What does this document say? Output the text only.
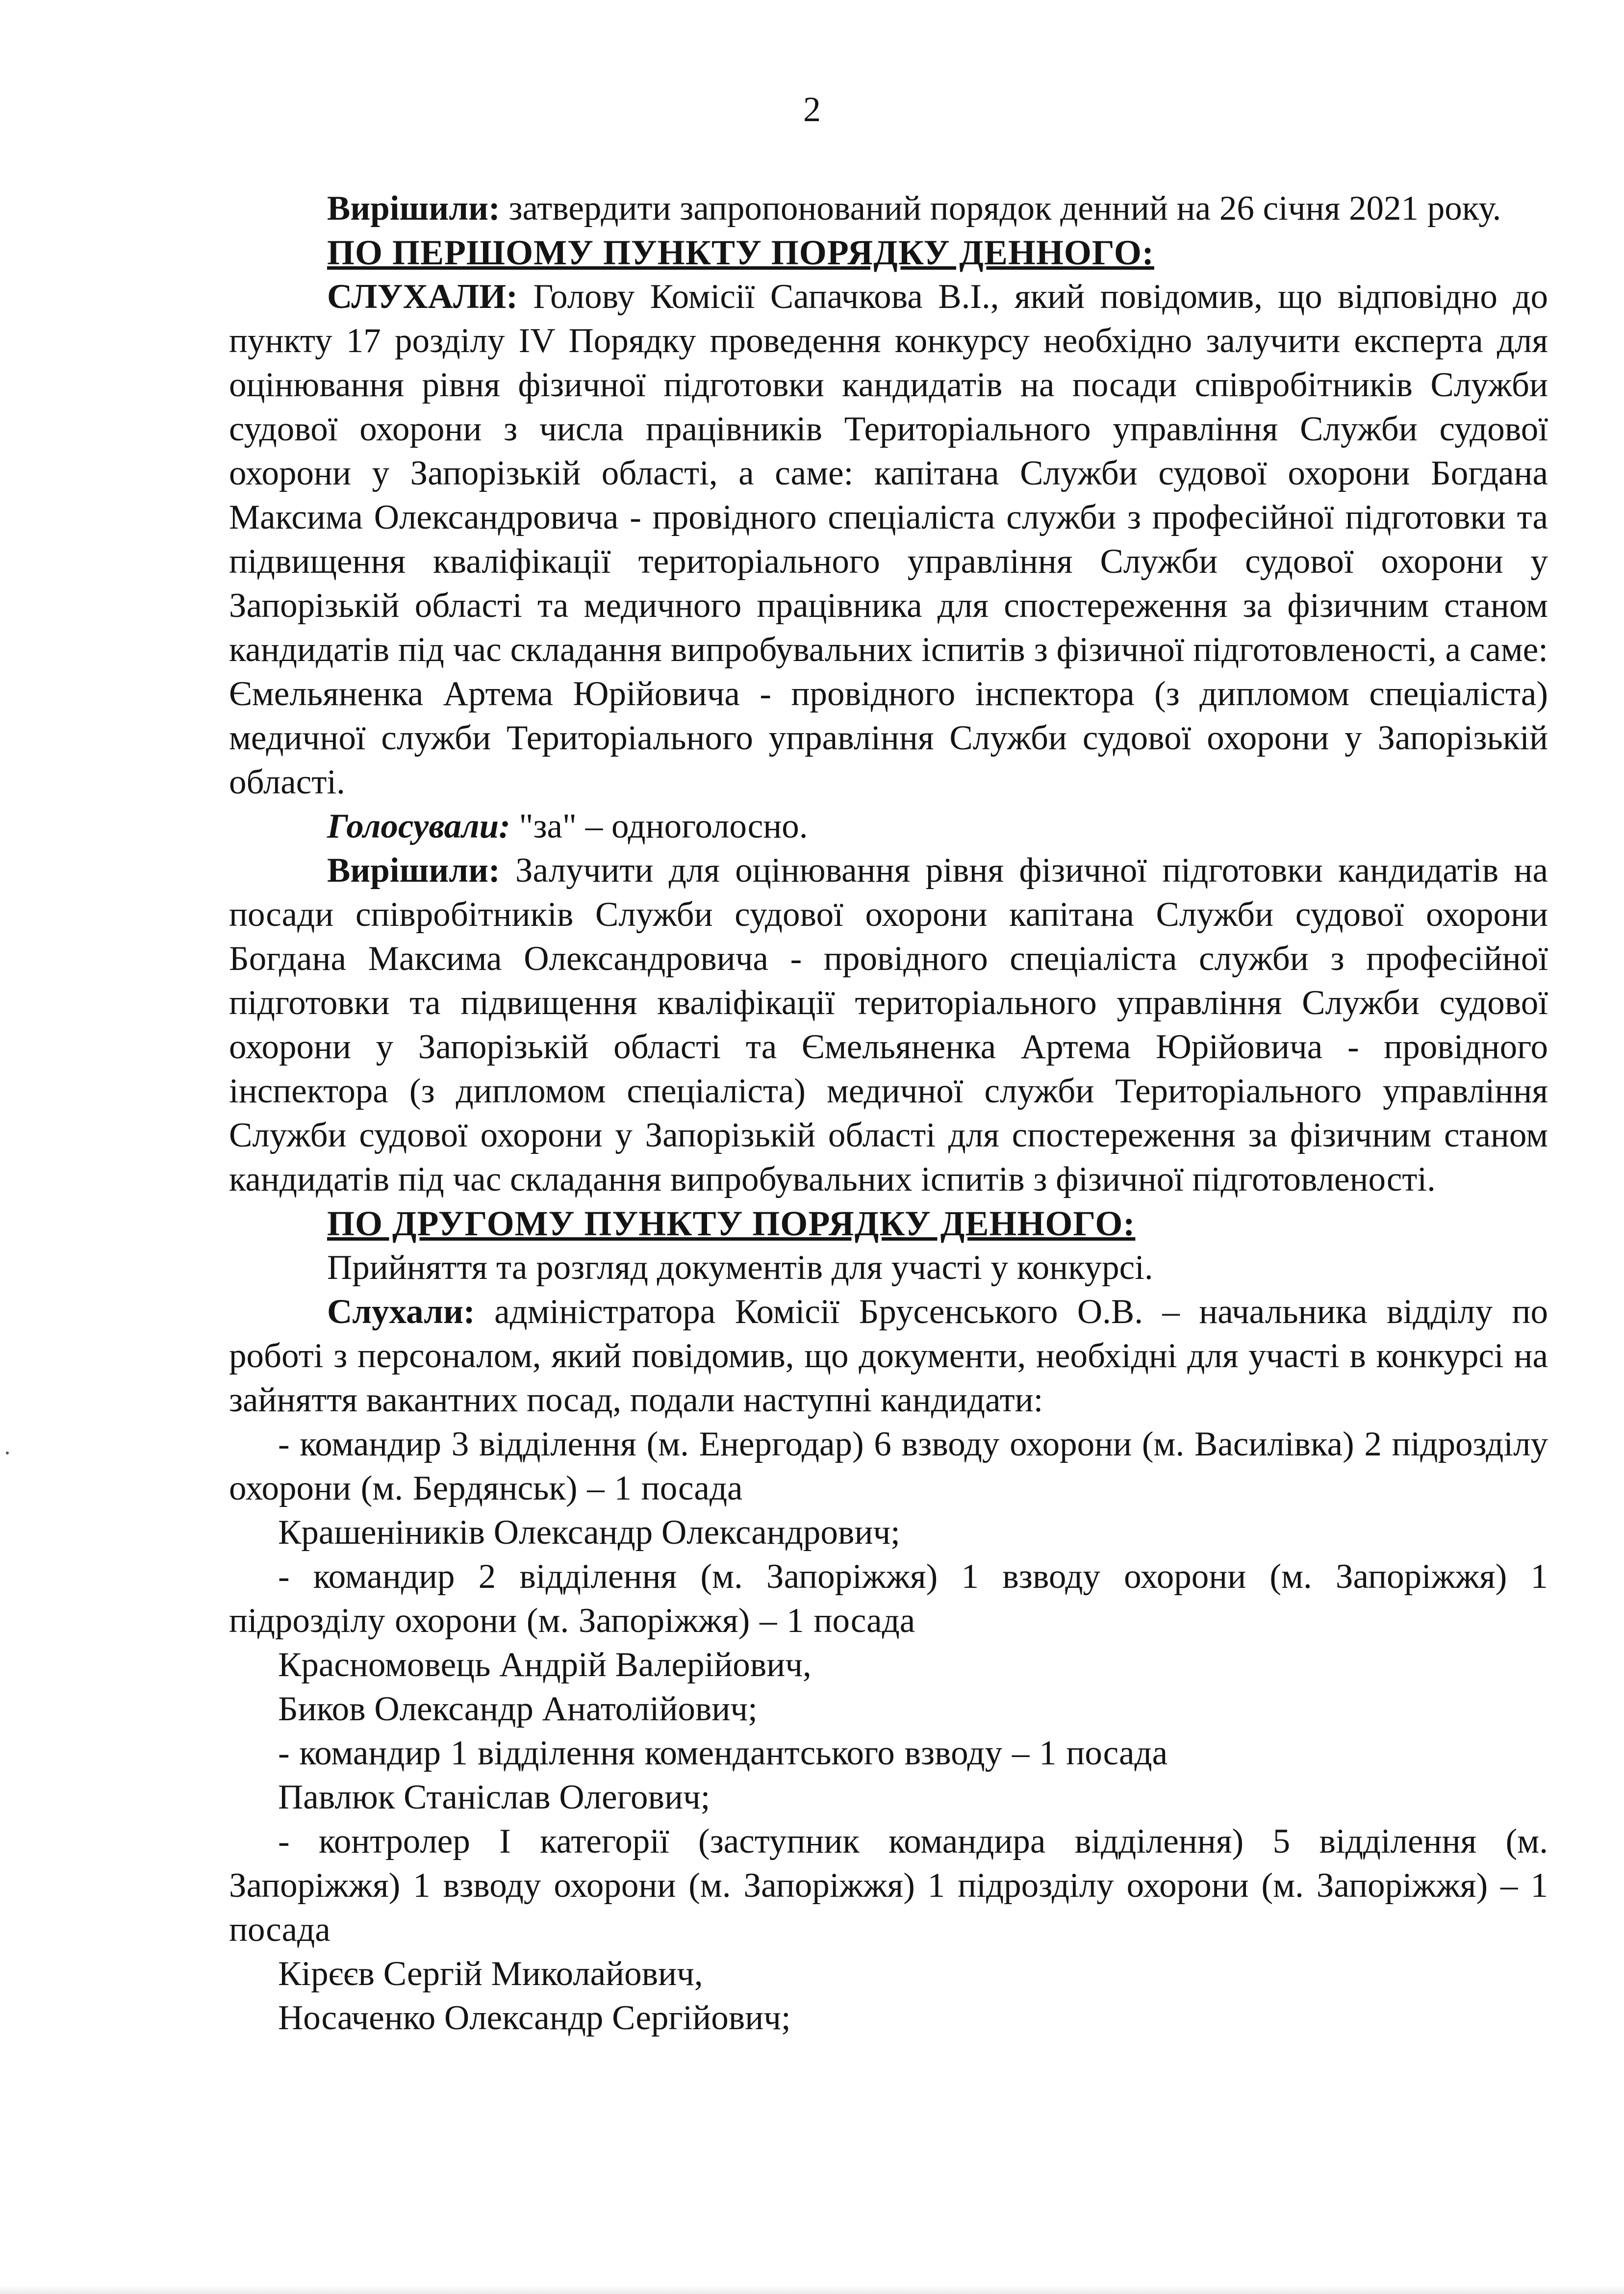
2

Вирішили: затвердити запропонований порядок денний на 26 січня 2021 року.

ПО ПЕРШОМУ ПУНКТУ ПОРЯДКУ ДЕННОГО:

СЛУХАЛИ: Голову Комісії Сапачкова В.І., який повідомив, що відповідно до пункту 17 розділу IV Порядку проведення конкурсу необхідно залучити експерта для оцінювання рівня фізичної підготовки кандидатів на посади співробітників Служби судової охорони з числа працівників Територіального управління Служби судової охорони у Запорізькій області, а саме: капітана Служби судової охорони Богдана Максима Олександровича - провідного спеціаліста служби з професійної підготовки та підвищення кваліфікації територіального управління Служби судової охорони у Запорізькій області та медичного працівника для спостереження за фізичним станом кандидатів під час складання випробувальних іспитів з фізичної підготовленості, а саме: Ємельяненка Артема Юрійовича - провідного інспектора (з дипломом спеціаліста) медичної служби Територіального управління Служби судової охорони у Запорізькій області.

Голосували: "за" – одноголосно.

Вирішили: Залучити для оцінювання рівня фізичної підготовки кандидатів на посади співробітників Служби судової охорони капітана Служби судової охорони Богдана Максима Олександровича - провідного спеціаліста служби з професійної підготовки та підвищення кваліфікації територіального управління Служби судової охорони у Запорізькій області та Ємельяненка Артема Юрійовича - провідного інспектора (з дипломом спеціаліста) медичної служби Територіального управління Служби судової охорони у Запорізькій області для спостереження за фізичним станом кандидатів під час складання випробувальних іспитів з фізичної підготовленості.

ПО ДРУГОМУ ПУНКТУ ПОРЯДКУ ДЕННОГО:

Прийняття та розгляд документів для участі у конкурсі.

Слухали: адміністратора Комісії Брусенського О.В. – начальника відділу по роботі з персоналом, який повідомив, що документи, необхідні для участі в конкурсі на зайняття вакантних посад, подали наступні кандидати:

- командир 3 відділення (м. Енергодар) 6 взводу охорони (м. Василівка) 2 підрозділу охорони (м. Бердянськ) – 1 посада

Крашеніників Олександр Олександрович;

- командир 2 відділення (м. Запоріжжя) 1 взводу охорони (м. Запоріжжя) 1 підрозділу охорони (м. Запоріжжя) – 1 посада

Красномовець Андрій Валерійович,

Биков Олександр Анатолійович;

- командир 1 відділення комендантського взводу – 1 посада

Павлюк Станіслав Олегович;

- контролер I категорії (заступник командира відділення) 5 відділення (м. Запоріжжя) 1 взводу охорони (м. Запоріжжя) 1 підрозділу охорони (м. Запоріжжя) – 1 посада

Кірєєв Сергій Миколайович,

Носаченко Олександр Сергійович;
